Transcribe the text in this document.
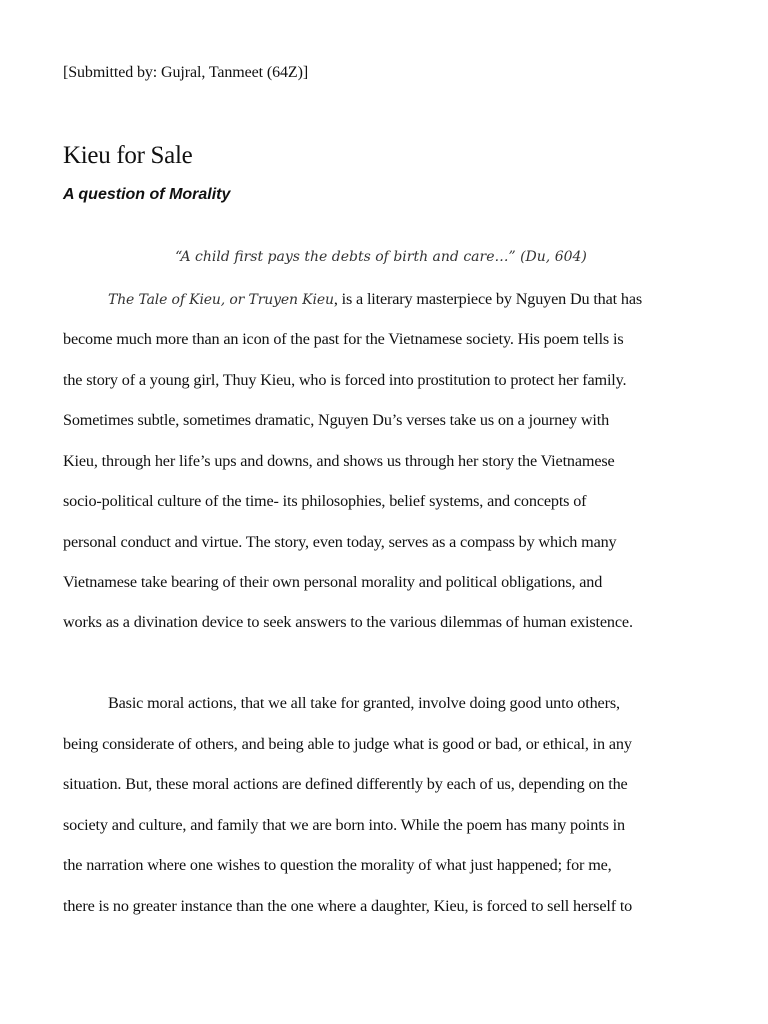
[Submitted by: Gujral, Tanmeet (64Z)]
Kieu for Sale
A question of Morality
“A child first pays the debts of birth and care…” (Du, 604)
The Tale of Kieu, or Truyen Kieu, is a literary masterpiece by Nguyen Du that has
become much more than an icon of the past for the Vietnamese society. His poem tells is
the story of a young girl, Thuy Kieu, who is forced into prostitution to protect her family.
Sometimes subtle, sometimes dramatic, Nguyen Du’s verses take us on a journey with
Kieu, through her life’s ups and downs, and shows us through her story the Vietnamese
socio-political culture of the time- its philosophies, belief systems, and concepts of
personal conduct and virtue. The story, even today, serves as a compass by which many
Vietnamese take bearing of their own personal morality and political obligations, and
works as a divination device to seek answers to the various dilemmas of human existence.
Basic moral actions, that we all take for granted, involve doing good unto others,
being considerate of others, and being able to judge what is good or bad, or ethical, in any
situation. But, these moral actions are defined differently by each of us, depending on the
society and culture, and family that we are born into. While the poem has many points in
the narration where one wishes to question the morality of what just happened; for me,
there is no greater instance than the one where a daughter, Kieu, is forced to sell herself to
